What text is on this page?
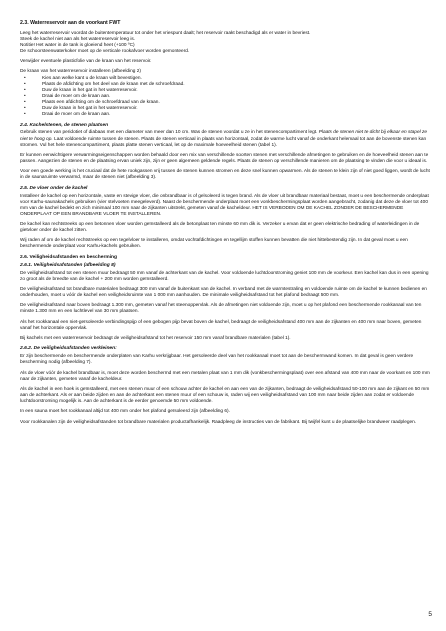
2.3. Waterreservoir aan de voorkant FWT

Leeg het waterreservoir voordat de buitentemperatuur tot onder het vriespunt daalt; het reservoir raakt beschadigd als er water in bevriest.
Steek de kachel niet aan als het waterreservoir leeg is.
Notitie! Het water in de tank is gloeiend heet (+100 ºC)
De schoorsteenwaterkoker moet op de verticale rookafvoer worden gemonteerd.

Verwijder eventuele plasticfolie van de kraan van het reservoir.

De kraan van het waterreservoir installeren (afbeelding 2)

• Kies aan welke kant u de kraan wilt bevestigen.
• Plaats de afdichting om het deel van de kraan met de schroefdraad.
• Duw de kraan in het gat in het waterreservoir.
• Draai de moer om de kraan aan.
• Plaats een afdichting om de schroefdraad van de kraan.
• Duw de kraan in het gat in het waterreservoir.
• Draai de moer om de kraan aan.
2.4. Kachelstenen, de stenen plaatsen

Gebruik stenen van peridotiet of diabaas met een diameter van meer dan 10 cm. Was de stenen voordat u ze in het stenencompartiment legt. Plaats de stenen niet te dicht bij elkaar en stapel ze niet te hoog op. Laat voldoende ruimte tussen de stenen. Plaats de stenen verticaal in plaats van horizontaal, zodat de warme lucht vanaf de onderkant helemaal tot aan de bovenste stenen kan stromen. Vul het hele stenencompartiment, plaats platte stenen verticaal, let op de maximale hoeveelheid stenen (tabel 1).

Er kunnen eenwichtigere verwarmingseigenschappen worden behaald door een mix van verschillende soorten stenen met verschillende afmetingen te gebruiken en de hoeveelheid stenen aan te passen. Aangezien de stenen en de plaatsing ervan uniek zijn, zijn er geen algemeen geldende regels. Plaats de stenen op verschillende manieren om de plaatsing te vinden die voor u ideaal is.

Voor een goede werking is het cruciaal dat de hete rookgassen vrij tussen de stenen kunnen stromen en deze snel kunnen opwarmen. Als de stenen te klein zijn of niet goed liggen, wordt de lucht in de saunaruimte verwarmd, maar de stenen niet (afbeelding 3).

2.5. De vloer onder de kachel

Installeer de kachel op een horizontale, vaste en stevige vloer, die onbrandbaar is of gelsoleerd is tegen brand. Als de vloer uit brandbaar materiaal bestaat, moet u een beschermende onderplaat voor Karhu-saunakachels gebruiken (vier stelvoeten meegeleverd). Naast de beschermende onderplaat moet een vonkbeschermingsplaat worden aangebracht, zodanig dat deze de vloer tot 400 mm van de kachel bedekt en zich minimaal 100 mm naar de zijkanten uitstrekt, gemeten vanaf de kacheldeur. HET IS VERBODEN OM DE KACHEL ZONDER DE BESCHERMENDE ONDERPLAAT OP EEN BRANDBARE VLOER TE INSTALLEREN.

De kachel kan rechtstreeks op een betonnen vloer worden geïnstalleerd als de betonplaat ten minste 60 mm dik is. Verzeker u ervan dat er geen elektrische bedrading of waterleidingen in de gietvloer onder de kachel zitten.

Wij raden af om de kachel rechtstreeks op een tegelvloer te installeren, omdat vochtafdichtingen en tegellijm stoffen kunnen bevatten die niet hittebestendig zijn. In dat geval moet u een beschermende onderplaat voor Karhu-kachels gebruiken.

2.6. Veiligheidsafstanden en bescherming
2.6.1. Veiligheidsafstanden (afbeelding 8)

De veiligheidsafstand tot een stenen muur bedraagt 50 mm vanaf de achterkant van de kachel. Voor voldoende luchtdoorstroming geniet 100 mm de voorkeur. Een kachel kan dus in een opening zo groot als de breedte van de kachel + 200 mm worden geïnstalleerd.

De veiligheidsafstand tot brandbare materialen bedraagt 300 mm vanaf de buitenkant van de kachel. In verband met de warmtestraling en voldoende ruimte om de kachel te kunnen bedienen en onderhouden, moet u vóór de kachel een veiligheidsruimte van 1 000 mm aanhouden. De minimale veiligheidsafstand tot het plafond bedraagt 500 mm.

De veiligheidsafstand naar boven bedraagt 1.300 mm, gemeten vanaf het steenoppervlak. Als de afmetingen niet voldoende zijn, moet u op het plafond een beschermende rookkanaal van ten minste 1.300 mm en een luchtlevel van 30 mm plaatsen.

Als het rookkanaal een niet-geïsoleerde verbindingspijp of een gebogen pijp bevat boven de kachel, bedraagt de veiligheidsafstand 400 mm aan de zijkanten en 400 mm naar boven, gemeten vanaf het horizontale oppervlak.

Bij kachels met een waterreservoir bedraagt de veiligheidsafstand tot het reservoir 150 mm vanaf brandbare materialen (tabel 1).

2.6.2. De veiligheidsafstanden verkleinen:

Er zijn beschermende en beschermende onderplaten van Karhu verkrijgbaar. Het geïsoleerde deel van het rookkanaal moet tot aan de beschermwand komen. In dat geval is geen verdere bescherming nodig (afbeelding 7).

Als de vloer vóór de kachel brandbaar is, moet deze worden beschermd met een metalen plaat van 1 mm dik (vonkbeschermingsplaat) over een afstand van 400 mm naar de voorkant en 100 mm naar de zijkanten, gemeten vanaf de kacheldeur.

Als de kachel in een hoek is geïnstalleerd, met een stenen muur of een schouw achter de kachel en aan een van de zijkanten, bedraagt de veiligheidsafstand 50-100 mm aan de zijkant en 50 mm aan de achterkant. Als er aan beide zijden en aan de achterkant een stenen muur of een schouw is, raden wij een veiligheidsafstand van 100 mm naar beide zijden aan zodat er voldoende luchtdoorstroming mogelijk is. Aan de achterkant is de eerder genoemde 50 mm voldoende.

In een sauna moet het rookkanaal altijd tot 400 mm onder het plafond geïsoleerd zijn (afbeelding 6).

Voor rookkanalen zijn de veiligheidsafstanden tot brandbare materialen productafhankelijk. Raadpleeg de instructies van de fabrikant. Bij twijfel kunt u de plaatselijke brandweer raadplegen.

5
